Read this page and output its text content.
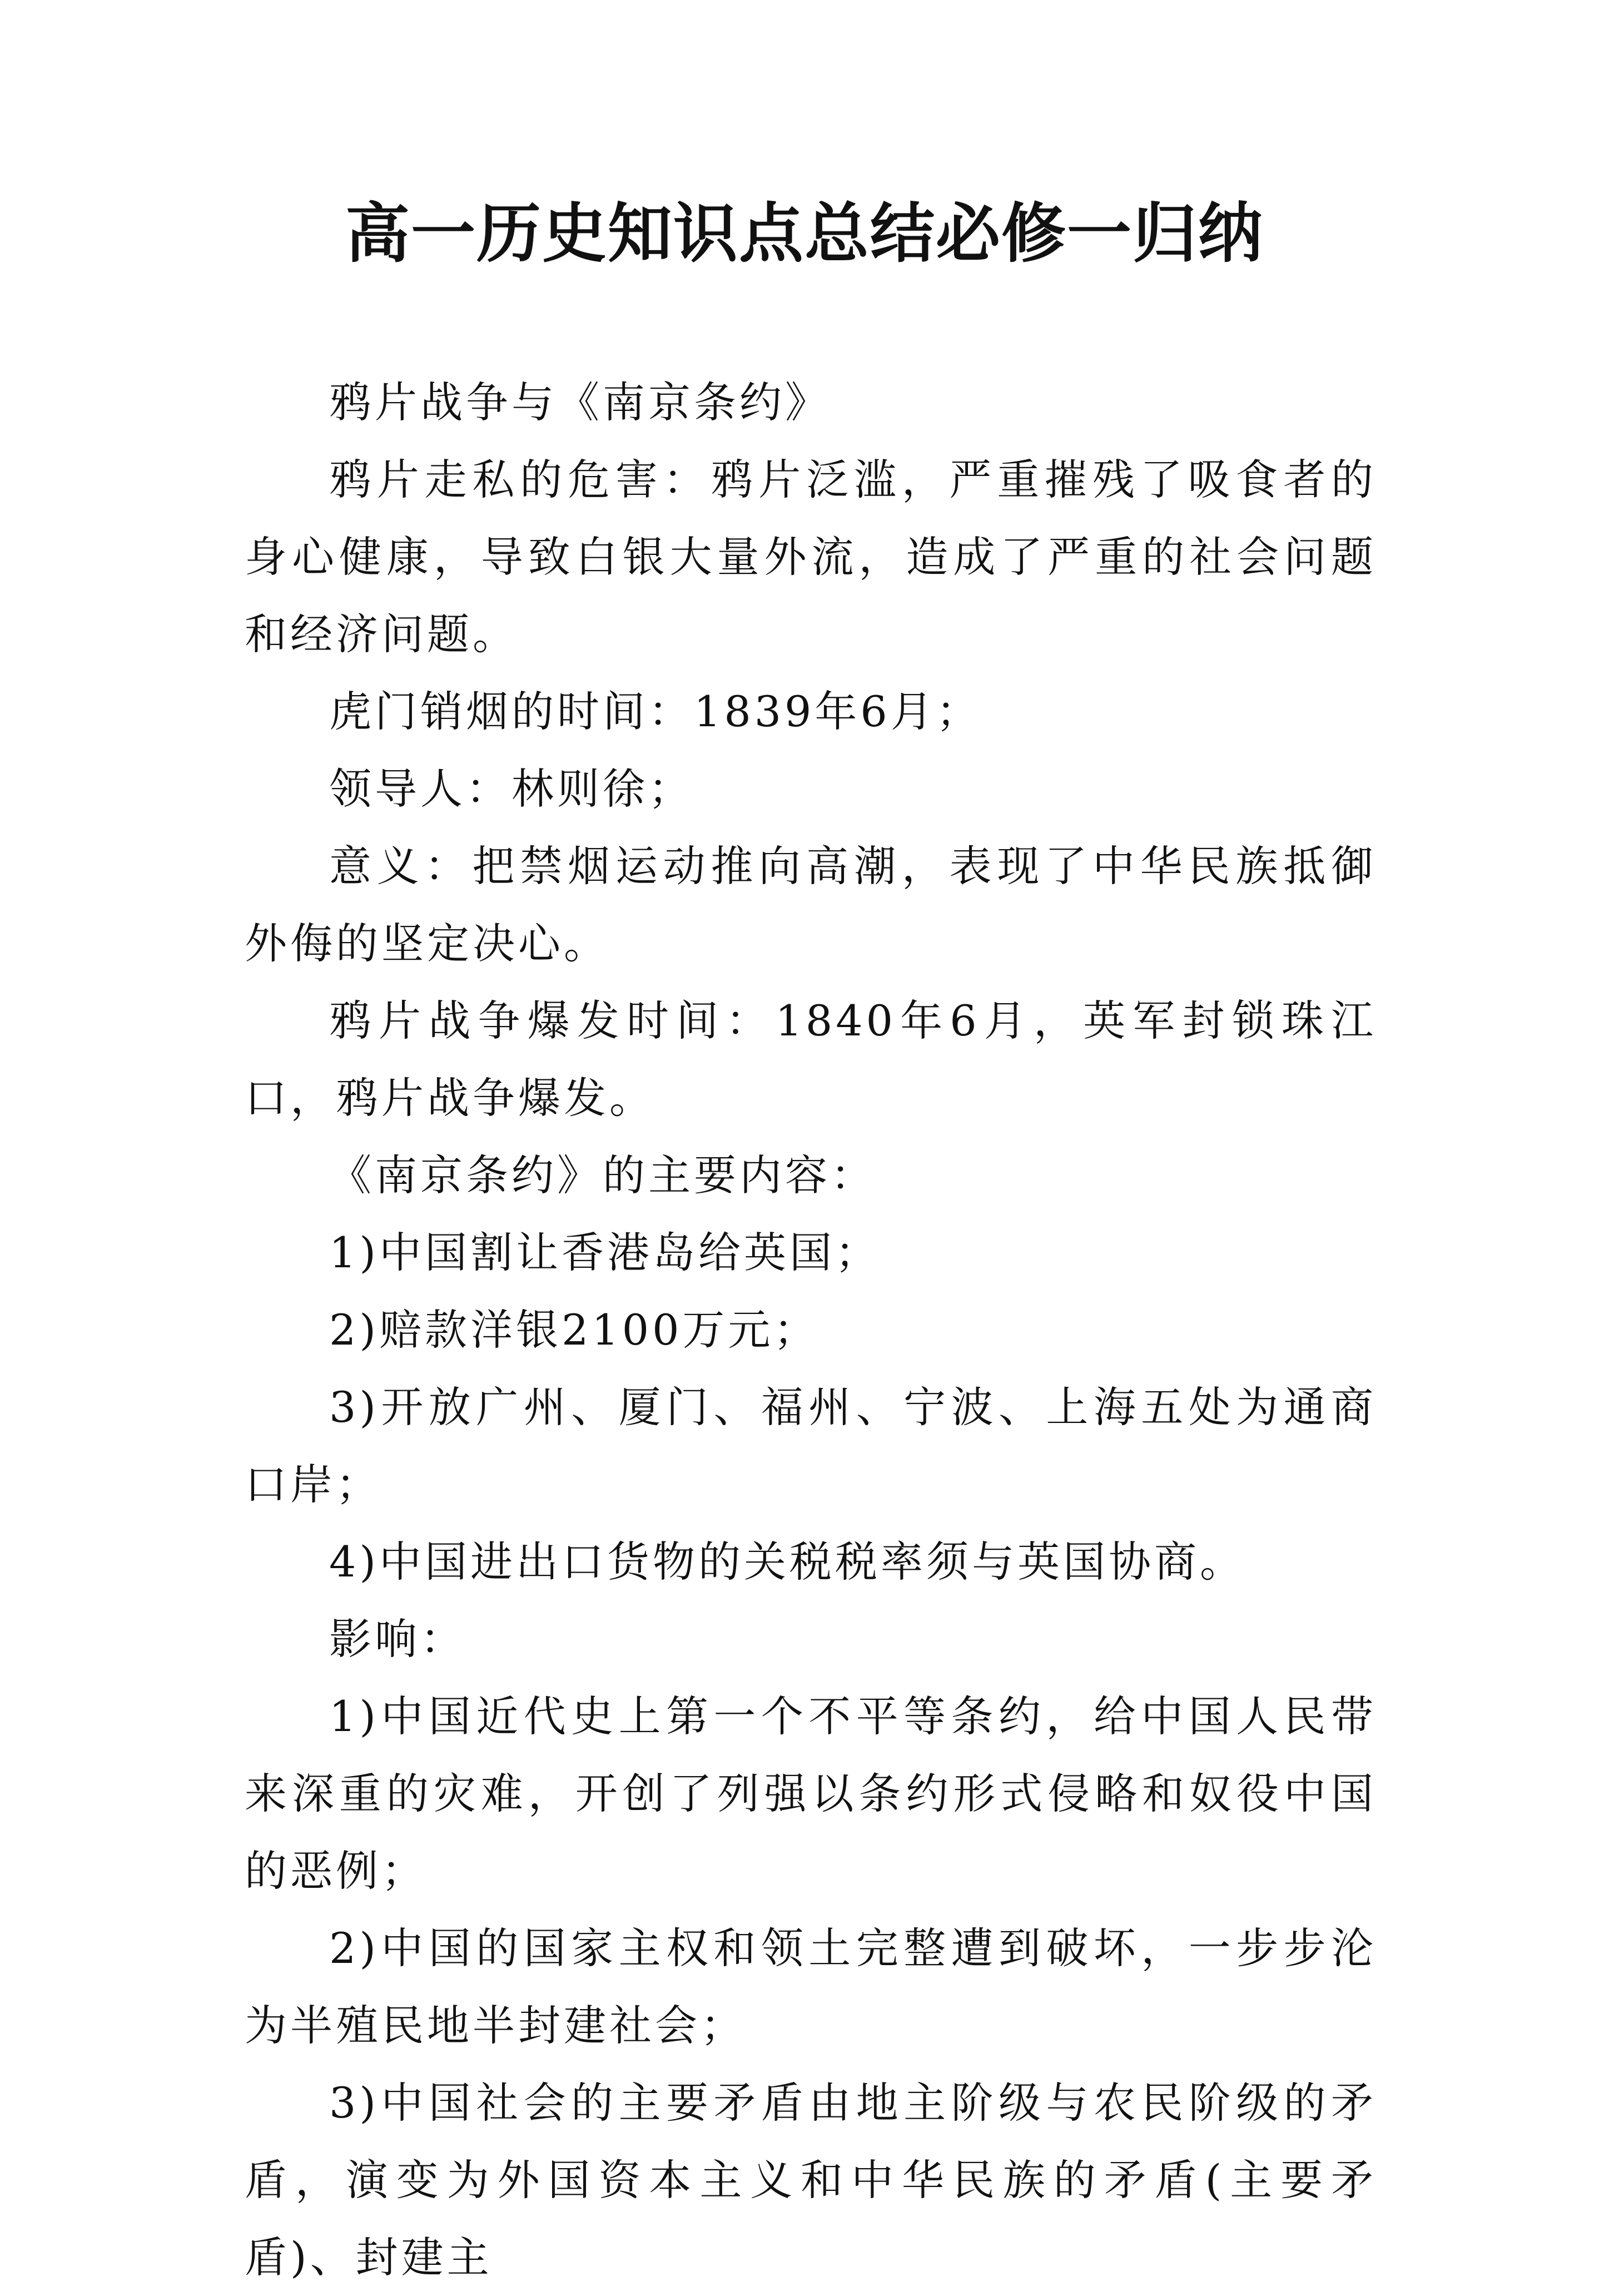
高一历史知识点总结必修一归纳

鸦片战争与《南京条约》

鸦片走私的危害：鸦片泛滥，严重摧残了吸食者的身心健康，导致白银大量外流，造成了严重的社会问题和经济问题。

虎门销烟的时间：1839年6月；

领导人：林则徐；

意义：把禁烟运动推向高潮，表现了中华民族抵御外侮的坚定决心。

鸦片战争爆发时间：1840年6月，英军封锁珠江口，鸦片战争爆发。

《南京条约》的主要内容：

1)中国割让香港岛给英国；

2)赔款洋银2100万元；

3)开放广州、厦门、福州、宁波、上海五处为通商口岸；

4)中国进出口货物的关税税率须与英国协商。

影响：

1)中国近代史上第一个不平等条约，给中国人民带来深重的灾难，开创了列强以条约形式侵略和奴役中国的恶例；

2)中国的国家主权和领土完整遭到破坏，一步步沦为半殖民地半封建社会；

3)中国社会的主要矛盾由地主阶级与农民阶级的矛盾，演变为外国资本主义和中华民族的矛盾(主要矛盾)、封建主
